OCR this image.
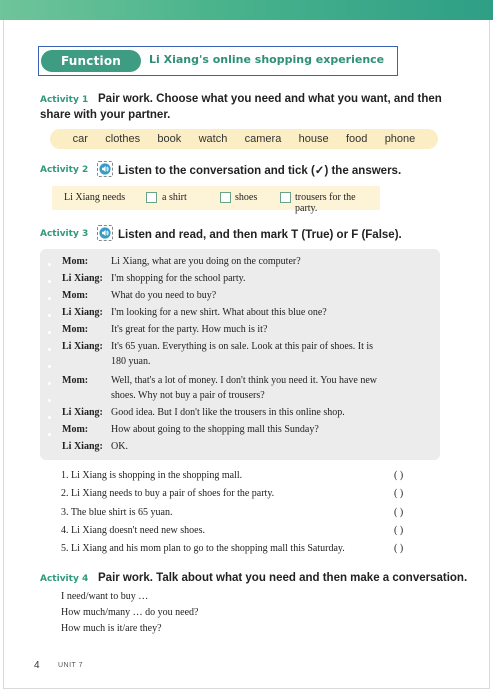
Function	Li Xiang's online shopping experience
Activity 1 Pair work. Choose what you need and what you want, and then
share with your partner.
car clothes book watch camera house food phone
Activity 2	Listen to the conversation and tick (✓) the answers.
Li Xiang needs	a shirt	shoes	trousers for the party.
Activity 3	Listen and read, and then mark T (True) or F (False).
Mom: Li Xiang, what are you doing on the computer?
Li Xiang: I'm shopping for the school party.
Mom: What do you need to buy?
Li Xiang: I'm looking for a new shirt. What about this blue one?
Mom: It's great for the party. How much is it?
Li Xiang: It's 65 yuan. Everything is on sale. Look at this pair of shoes. It is
180 yuan.
Mom: Well, that's a lot of money. I don't think you need it. You have new
shoes. Why not buy a pair of trousers?
Li Xiang: Good idea. But I don't like the trousers in this online shop.
Mom: How about going to the shopping mall this Sunday?
Li Xiang: OK.
1. Li Xiang is shopping in the shopping mall.	( )
2. Li Xiang needs to buy a pair of shoes for the party.	( )
3. The blue shirt is 65 yuan.	( )
4. Li Xiang doesn't need new shoes.	( )
5. Li Xiang and his mom plan to go to the shopping mall this Saturday.	( )
Activity 4 Pair work. Talk about what you need and then make a conversation.
I need/want to buy …
How much/many … do you need?
How much is it/are they?
4	UNIT 7
